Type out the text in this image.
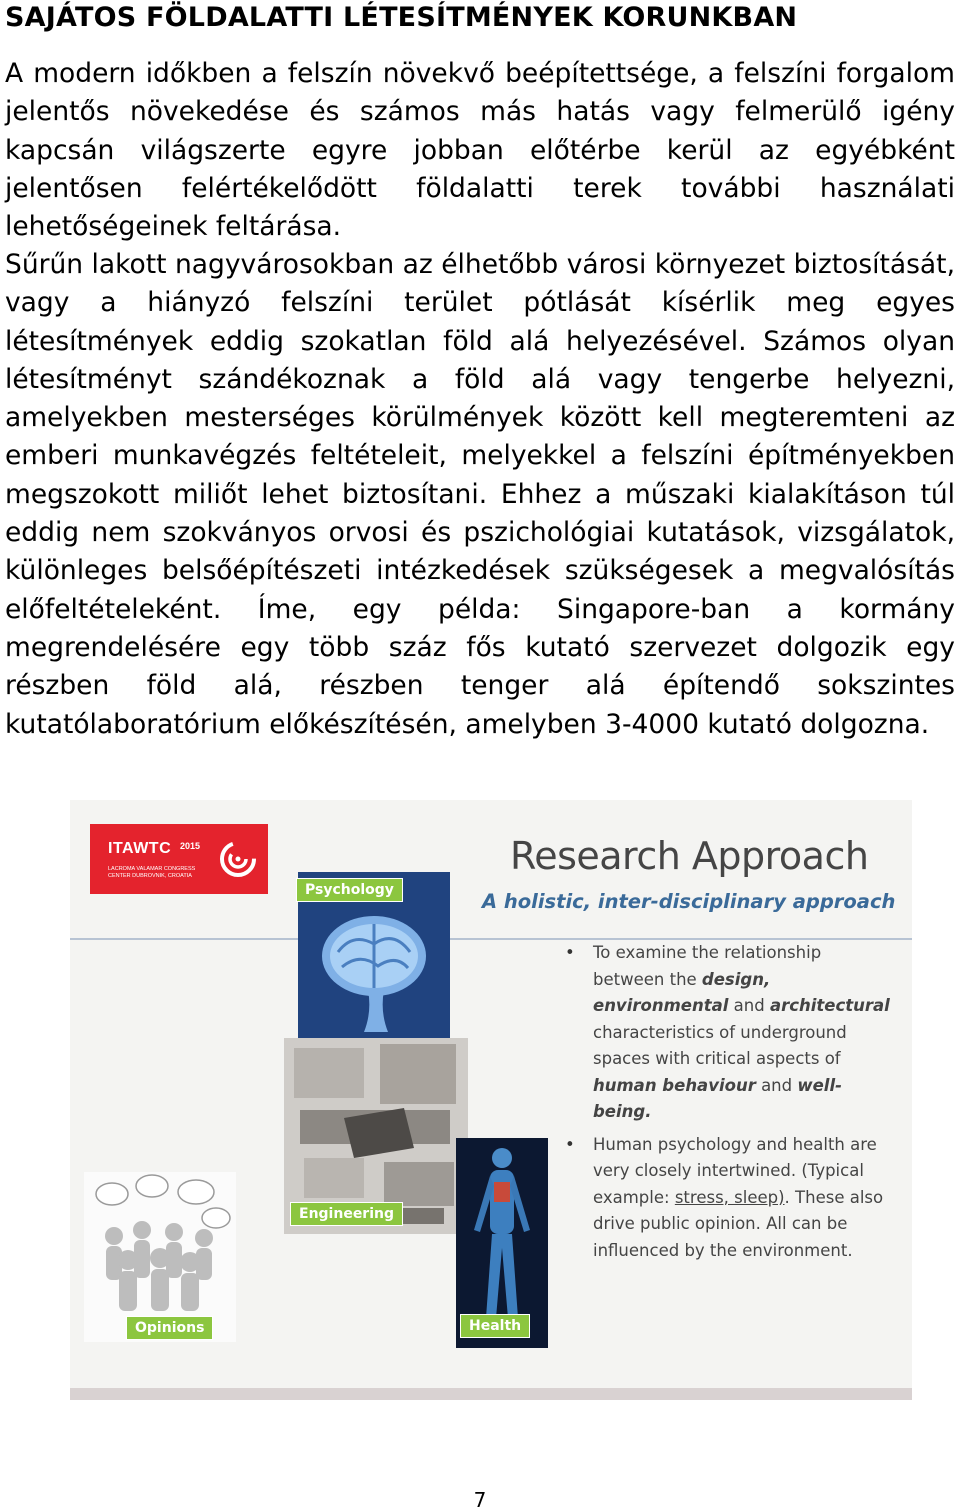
SAJÁTOS FÖLDALATTI LÉTESÍTMÉNYEK KORUNKBAN

A modern időkben a felszín növekvő beépítettsége, a felszíni forgalom jelentős növekedése és számos más hatás vagy felmerülő igény kapcsán világszerte egyre jobban előtérbe kerül az egyébként jelentősen felértékelődött földalatti terek további használati lehetőségeinek feltárása.

Sűrűn lakott nagyvárosokban az élhetőbb városi környezet biztosítását, vagy a hiányzó felszíni terület pótlását kísérlik meg egyes létesítmények eddig szokatlan föld alá helyezésével. Számos olyan létesítményt szándékoznak a föld alá vagy tengerbe helyezni, amelyekben mesterséges körülmények között kell megteremteni az emberi munkavégzés feltételeit, melyekkel a felszíni építményekben megszokott miliőt lehet biztosítani. Ehhez a műszaki kialakításon túl eddig nem szokványos orvosi és pszichológiai kutatások, vizsgálatok, különleges belsőépítészeti intézkedések szükségesek a megvalósítás előfeltételeként. Íme, egy példa: Singapore-ban a kormány megrendelésére egy több száz fős kutató szervezet dolgozik egy részben föld alá, részben tenger alá építendő sokszintes kutatólaboratórium előkészítésén, amelyben 3-4000 kutató dolgozna.

ITAWTC 2015
LACROMA VALAMAR CONGRESS CENTER DUBROVNIK, CROATIA	Research Approach

A holistic, inter-disciplinary approach

Psychology
Engineering
Opinions	Health
• To examine the relationship between the design, environmental and architectural characteristics of underground spaces with critical aspects of human behaviour and well-being.
• Human psychology and health are very closely intertwined. (Typical example: stress, sleep). These also drive public opinion. All can be influenced by the environment.
7
